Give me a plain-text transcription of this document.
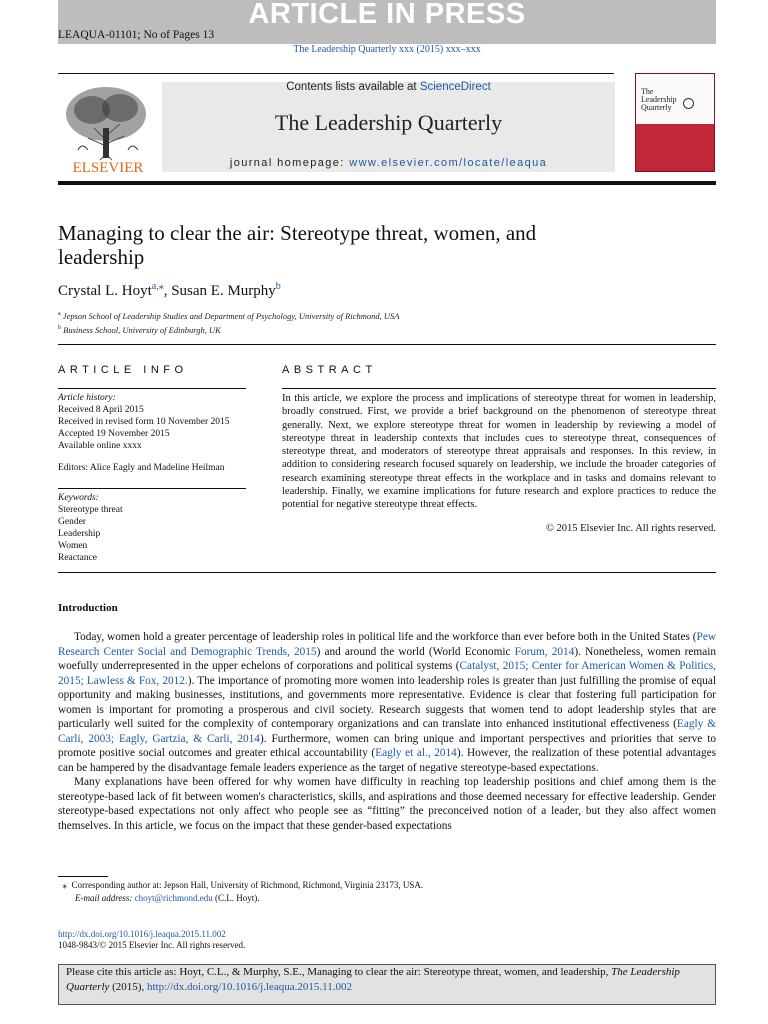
ARTICLE IN PRESS
LEAQUA-01101; No of Pages 13
The Leadership Quarterly xxx (2015) xxx–xxx
ELSEVIER
Contents lists available at ScienceDirect
The Leadership Quarterly
journal homepage: www.elsevier.com/locate/leaqua
The
Leadership
Quarterly
Managing to clear the air: Stereotype threat, women, and leadership
Crystal L. Hoyt$^{a,⁎}$, Susan E. Murphy$^b$
$^a$ Jepson School of Leadership Studies and Department of Psychology, University of Richmond, USA
$^b$ Business School, University of Edinburgh, UK
ARTICLE INFO
Article history:
Received 8 April 2015
Received in revised form 10 November 2015
Accepted 19 November 2015
Available online xxxx
Editors: Alice Eagly and Madeline Heilman
Keywords:
Stereotype threat
Gender
Leadership
Women
Reactance
ABSTRACT
In this article, we explore the process and implications of stereotype threat for women in leadership, broadly construed. First, we provide a brief background on the phenomenon of stereotype threat generally. Next, we explore stereotype threat for women in leadership by reviewing a model of stereotype threat in leadership contexts that includes cues to stereotype threat, consequences of stereotype threat, and moderators of stereotype threat appraisals and responses. In this review, in addition to considering research focused squarely on leadership, we include the broader categories of research examining stereotype threat effects in the workplace and in tasks and domains relevant to leadership. Finally, we examine implications for future research and explore practices to reduce the potential for negative stereotype threat effects.
© 2015 Elsevier Inc. All rights reserved.
Introduction

Today, women hold a greater percentage of leadership roles in political life and the workforce than ever before both in the United States (Pew Research Center Social and Demographic Trends, 2015) and around the world (World Economic Forum, 2014). Nonetheless, women remain woefully underrepresented in the upper echelons of corporations and political systems (Catalyst, 2015; Center for American Women & Politics, 2015; Lawless & Fox, 2012.). The importance of promoting more women into leadership roles is greater than just fulfilling the promise of equal opportunity and making businesses, institutions, and governments more representative. Evidence is clear that fostering full participation for women is important for promoting a prosperous and civil society. Research suggests that women tend to adopt leadership styles that are particularly well suited for the complexity of contemporary organizations and can translate into enhanced institutional effectiveness (Eagly & Carli, 2003; Eagly, Gartzia, & Carli, 2014). Furthermore, women can bring unique and important perspectives and priorities that serve to promote positive social outcomes and greater ethical accountability (Eagly et al., 2014). However, the realization of these potential advantages can be hampered by the disadvantage female leaders experience as the target of negative stereotype-based expectations.

Many explanations have been offered for why women have difficulty in reaching top leadership positions and chief among them is the stereotype-based lack of fit between women's characteristics, skills, and aspirations and those deemed necessary for effective leadership. Gender stereotype-based expectations not only affect who people see as “fitting” the preconceived notion of a leader, but they also affect women themselves. In this article, we focus on the impact that these gender-based expectations

⁎ Corresponding author at: Jepson Hall, University of Richmond, Richmond, Virginia 23173, USA.
E-mail address: choyt@richmond.edu (C.L. Hoyt).
http://dx.doi.org/10.1016/j.leaqua.2015.11.002
1048-9843/© 2015 Elsevier Inc. All rights reserved.
Please cite this article as: Hoyt, C.L., & Murphy, S.E., Managing to clear the air: Stereotype threat, women, and leadership, The Leadership Quarterly (2015), http://dx.doi.org/10.1016/j.leaqua.2015.11.002
